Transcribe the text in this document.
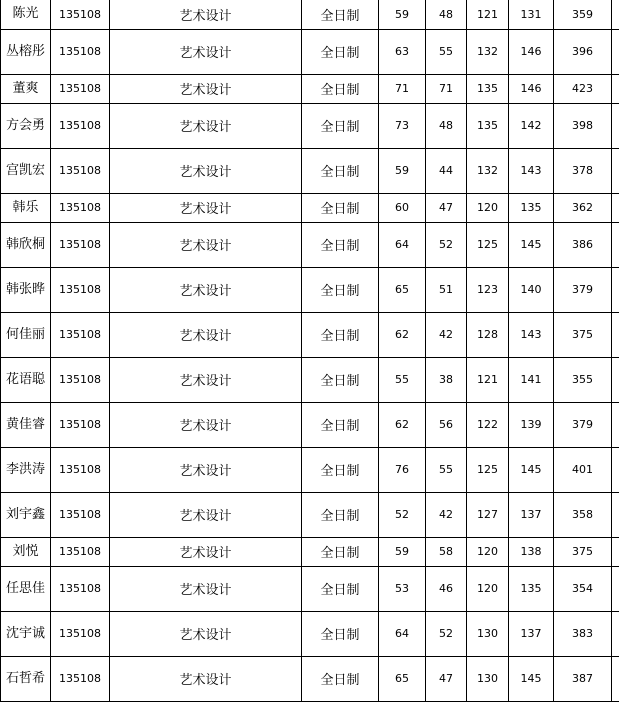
陈光	135108	艺术设计	全日制	59	48	121	131	359	
丛榕彤	135108	艺术设计	全日制	63	55	132	146	396	
董爽	135108	艺术设计	全日制	71	71	135	146	423	
方会勇	135108	艺术设计	全日制	73	48	135	142	398	
宫凯宏	135108	艺术设计	全日制	59	44	132	143	378	
韩乐	135108	艺术设计	全日制	60	47	120	135	362	
韩欣桐	135108	艺术设计	全日制	64	52	125	145	386	
韩张晔	135108	艺术设计	全日制	65	51	123	140	379	
何佳丽	135108	艺术设计	全日制	62	42	128	143	375	
花语聪	135108	艺术设计	全日制	55	38	121	141	355	
黄佳睿	135108	艺术设计	全日制	62	56	122	139	379	
李洪涛	135108	艺术设计	全日制	76	55	125	145	401	
刘宇鑫	135108	艺术设计	全日制	52	42	127	137	358	
刘悦	135108	艺术设计	全日制	59	58	120	138	375	
任思佳	135108	艺术设计	全日制	53	46	120	135	354	
沈宇诚	135108	艺术设计	全日制	64	52	130	137	383	
石哲希	135108	艺术设计	全日制	65	47	130	145	387	
